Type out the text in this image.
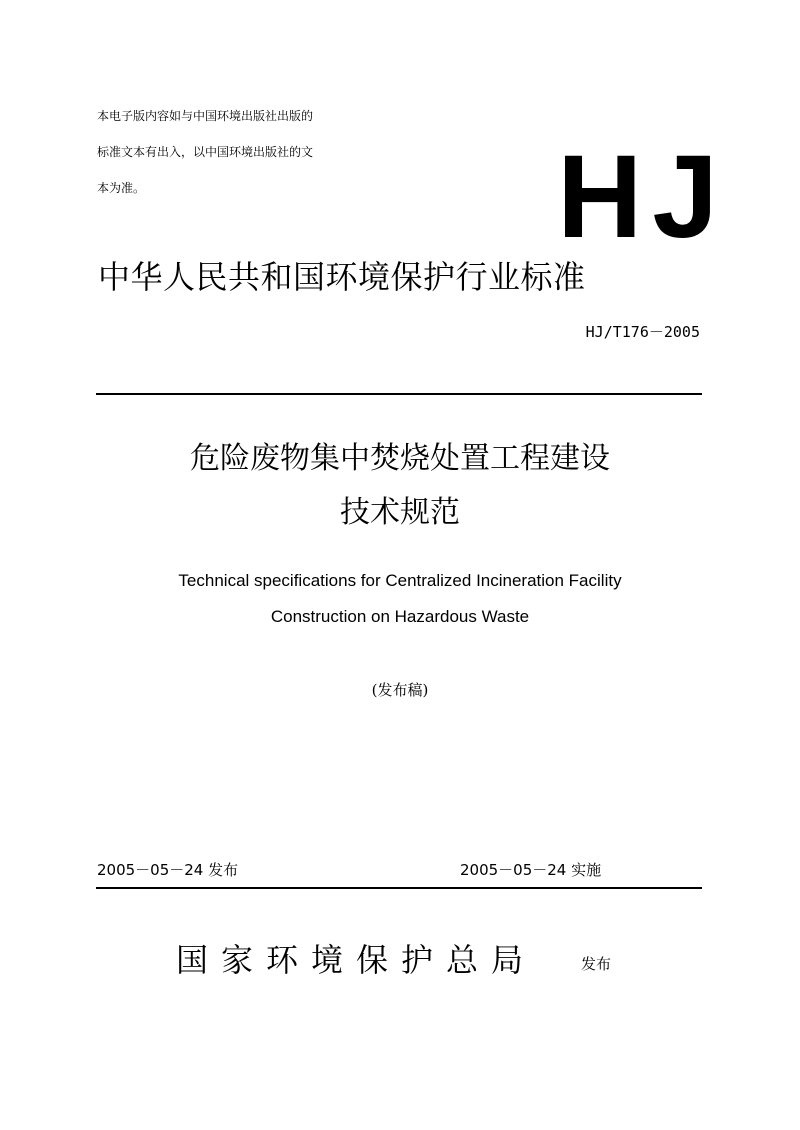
本电子版内容如与中国环境出版社出版的
标准文本有出入，以中国环境出版社的文
本为准。	HJ
中华人民共和国环境保护行业标准
HJ/T176－2005
危险废物集中焚烧处置工程建设
技术规范
Technical specifications for Centralized Incineration Facility
Construction on Hazardous Waste
(发布稿)
2005－05－24 发布	2005－05－24 实施
国家环境保护总局	发布
